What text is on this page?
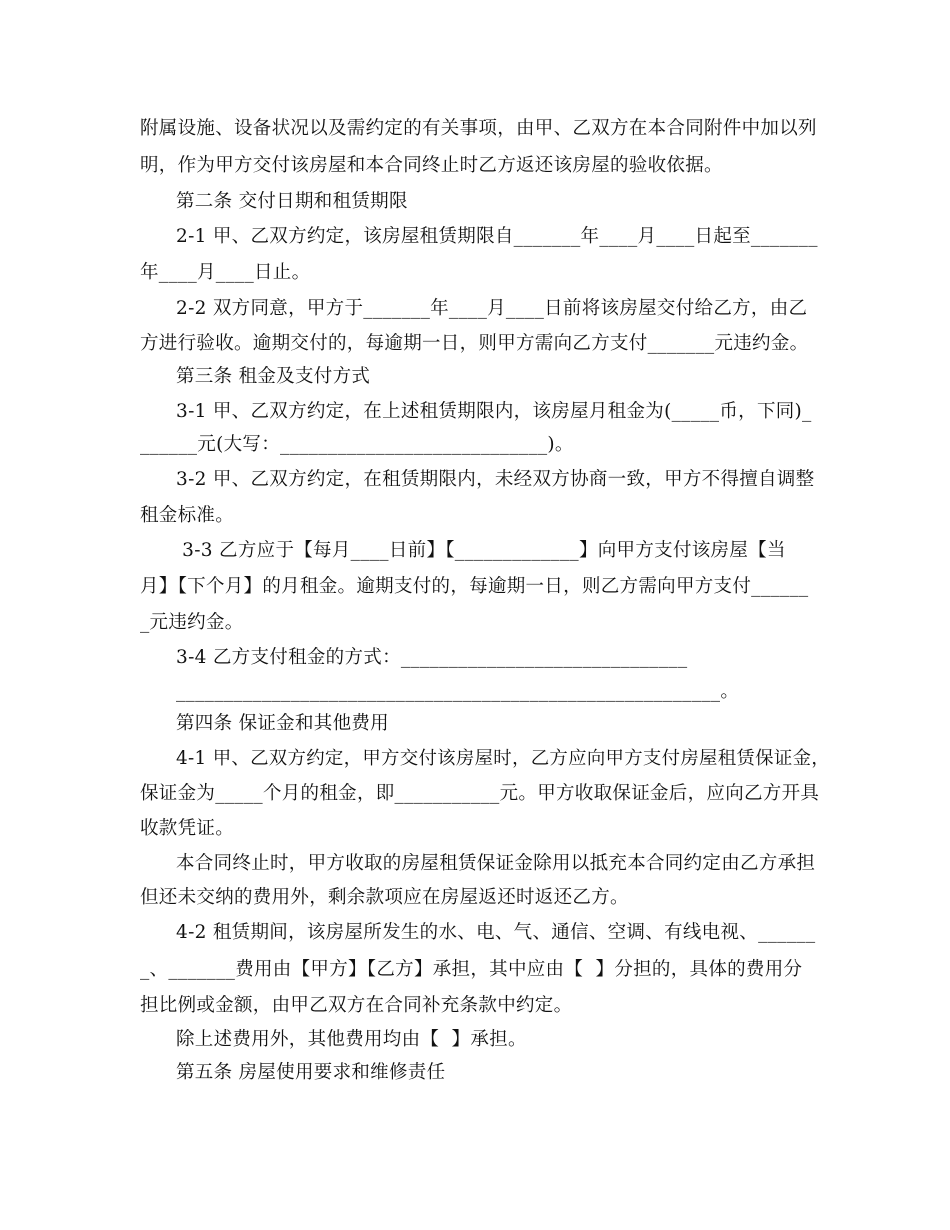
附属设施、设备状况以及需约定的有关事项，由甲、乙双方在本合同附件中加以列
明，作为甲方交付该房屋和本合同终止时乙方返还该房屋的验收依据。
第二条 交付日期和租赁期限
2-1 甲、乙双方约定，该房屋租赁期限自_______年____月____日起至_______
年____月____日止。
2-2 双方同意，甲方于_______年____月____日前将该房屋交付给乙方，由乙
方进行验收。逾期交付的，每逾期一日，则甲方需向乙方支付_______元违约金。
第三条 租金及支付方式
3-1 甲、乙双方约定，在上述租赁期限内，该房屋月租金为(_____币，下同)_
______元(大写：____________________________)。
3-2 甲、乙双方约定，在租赁期限内，未经双方协商一致，甲方不得擅自调整
租金标准。
3-3 乙方应于【每月____日前】【_____________】向甲方支付该房屋【当
月】【下个月】的月租金。逾期支付的，每逾期一日，则乙方需向甲方支付______
_元违约金。
3-4 乙方支付租金的方式：______________________________
_________________________________________________________。
第四条 保证金和其他费用
4-1 甲、乙双方约定，甲方交付该房屋时，乙方应向甲方支付房屋租赁保证金，
保证金为_____个月的租金，即___________元。甲方收取保证金后，应向乙方开具
收款凭证。
本合同终止时，甲方收取的房屋租赁保证金除用以抵充本合同约定由乙方承担
但还未交纳的费用外，剩余款项应在房屋返还时返还乙方。
4-2 租赁期间，该房屋所发生的水、电、气、通信、空调、有线电视、______
_、_______费用由【甲方】【乙方】承担，其中应由【  】分担的，具体的费用分
担比例或金额，由甲乙双方在合同补充条款中约定。
除上述费用外，其他费用均由【  】承担。
第五条 房屋使用要求和维修责任
